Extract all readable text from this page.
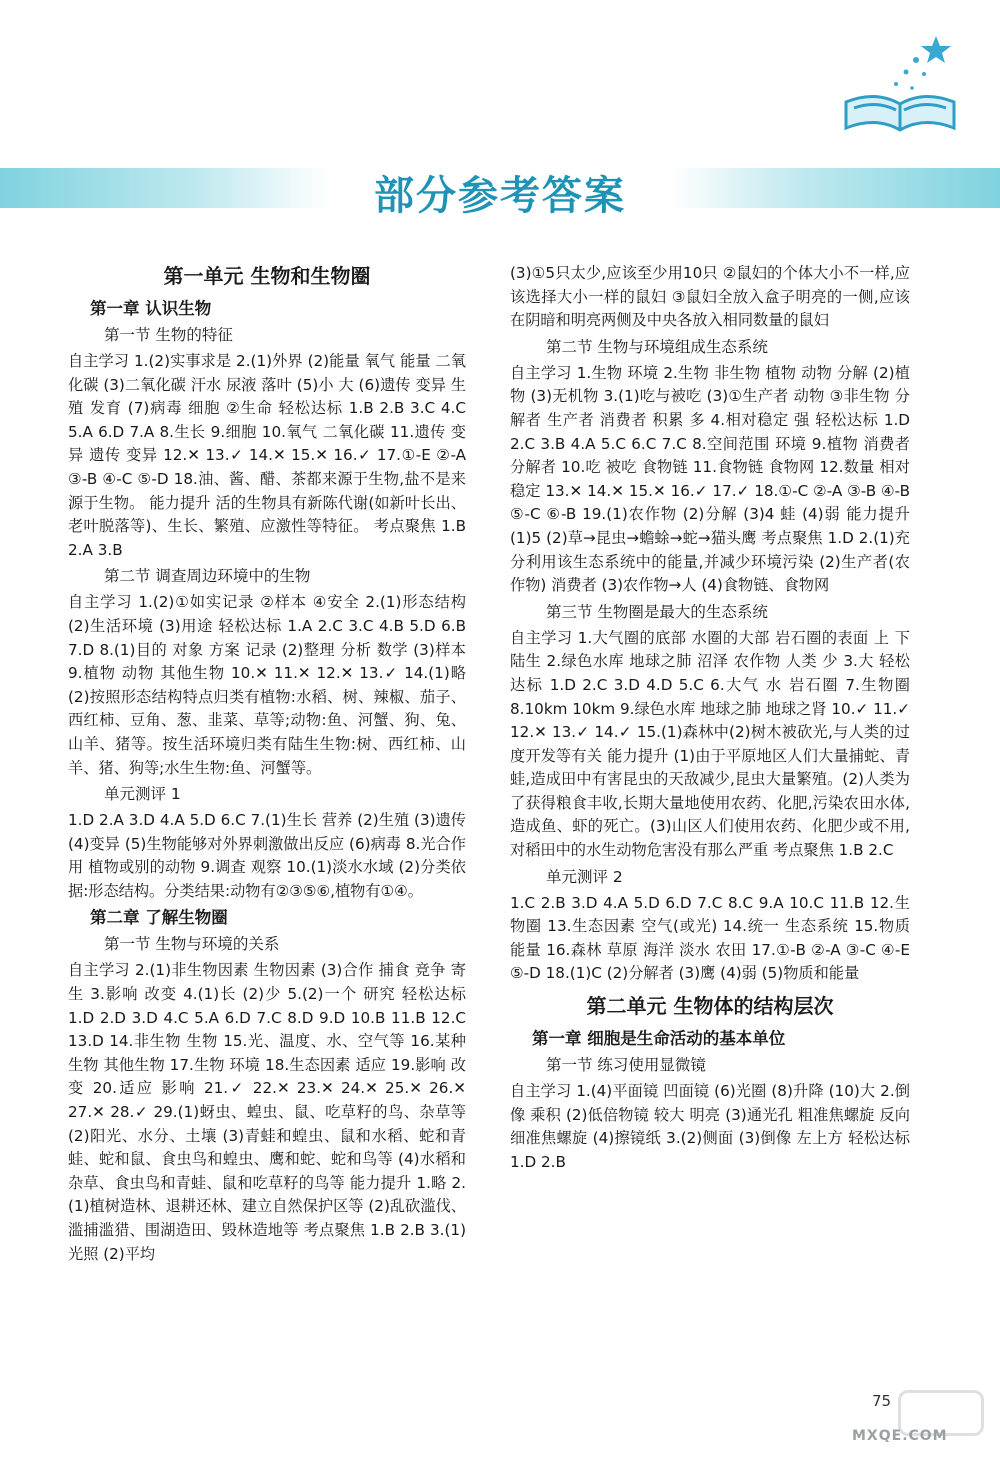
部分参考答案
第一单元 生物和生物圈
第一章 认识生物
第一节 生物的特征

自主学习 1.(2)实事求是 2.(1)外界 (2)能量 氧气 能量 二氧化碳 (3)二氧化碳 汗水 尿液 落叶 (5)小 大 (6)遗传 变异 生殖 发育 (7)病毒 细胞 ②生命 轻松达标 1.B 2.B 3.C 4.C 5.A 6.D 7.A 8.生长 9.细胞 10.氧气 二氧化碳 11.遗传 变异 遗传 变异 12.✕ 13.✓ 14.✕ 15.✕ 16.✓ 17.①-E ②-A ③-B ④-C ⑤-D 18.油、酱、醋、茶都来源于生物,盐不是来源于生物。 能力提升 活的生物具有新陈代谢(如新叶长出、老叶脱落等)、生长、繁殖、应激性等特征。 考点聚焦 1.B 2.A 3.B

第二节 调查周边环境中的生物

自主学习 1.(2)①如实记录 ②样本 ④安全 2.(1)形态结构 (2)生活环境 (3)用途 轻松达标 1.A 2.C 3.C 4.B 5.D 6.B 7.D 8.(1)目的 对象 方案 记录 (2)整理 分析 数学 (3)样本 9.植物 动物 其他生物 10.✕ 11.✕ 12.✕ 13.✓ 14.(1)略 (2)按照形态结构特点归类有植物:水稻、树、辣椒、茄子、西红柿、豆角、葱、韭菜、草等;动物:鱼、河蟹、狗、兔、山羊、猪等。按生活环境归类有陆生生物:树、西红柿、山羊、猪、狗等;水生生物:鱼、河蟹等。

单元测评 1

1.D 2.A 3.D 4.A 5.D 6.C 7.(1)生长 营养 (2)生殖 (3)遗传 (4)变异 (5)生物能够对外界刺激做出反应 (6)病毒 8.光合作用 植物或别的动物 9.调查 观察 10.(1)淡水水域 (2)分类依据:形态结构。分类结果:动物有②③⑤⑥,植物有①④。

第二章 了解生物圈
第一节 生物与环境的关系

自主学习 2.(1)非生物因素 生物因素 (3)合作 捕食 竞争 寄生 3.影响 改变 4.(1)长 (2)少 5.(2)一个 研究 轻松达标 1.D 2.D 3.D 4.C 5.A 6.D 7.C 8.D 9.D 10.B 11.B 12.C 13.D 14.非生物 生物 15.光、温度、水、空气等 16.某种生物 其他生物 17.生物 环境 18.生态因素 适应 19.影响 改变 20.适应 影响 21.✓ 22.✕ 23.✕ 24.✕ 25.✕ 26.✕ 27.✕ 28.✓ 29.(1)蚜虫、蝗虫、鼠、吃草籽的鸟、杂草等 (2)阳光、水分、土壤 (3)青蛙和蝗虫、鼠和水稻、蛇和青蛙、蛇和鼠、食虫鸟和蝗虫、鹰和蛇、蛇和鸟等 (4)水稻和杂草、食虫鸟和青蛙、鼠和吃草籽的鸟等 能力提升 1.略 2.(1)植树造林、退耕还林、建立自然保护区等 (2)乱砍滥伐、滥捕滥猎、围湖造田、毁林造地等 考点聚焦 1.B 2.B 3.(1)光照 (2)平均

(3)①5只太少,应该至少用10只 ②鼠妇的个体大小不一样,应该选择大小一样的鼠妇 ③鼠妇全放入盒子明亮的一侧,应该在阴暗和明亮两侧及中央各放入相同数量的鼠妇

第二节 生物与环境组成生态系统

自主学习 1.生物 环境 2.生物 非生物 植物 动物 分解 (2)植物 (3)无机物 3.(1)吃与被吃 (3)①生产者 动物 ③非生物 分解者 生产者 消费者 积累 多 4.相对稳定 强 轻松达标 1.D 2.C 3.B 4.A 5.C 6.C 7.C 8.空间范围 环境 9.植物 消费者 分解者 10.吃 被吃 食物链 11.食物链 食物网 12.数量 相对稳定 13.✕ 14.✕ 15.✕ 16.✓ 17.✓ 18.①-C ②-A ③-B ④-B ⑤-C ⑥-B 19.(1)农作物 (2)分解 (3)4 蛙 (4)弱 能力提升 (1)5 (2)草→昆虫→蟾蜍→蛇→猫头鹰 考点聚焦 1.D 2.(1)充分利用该生态系统中的能量,并减少环境污染 (2)生产者(农作物) 消费者 (3)农作物→人 (4)食物链、食物网

第三节 生物圈是最大的生态系统

自主学习 1.大气圈的底部 水圈的大部 岩石圈的表面 上 下 陆生 2.绿色水库 地球之肺 沼泽 农作物 人类 少 3.大 轻松达标 1.D 2.C 3.D 4.D 5.C 6.大气 水 岩石圈 7.生物圈 8.10km 10km 9.绿色水库 地球之肺 地球之肾 10.✓ 11.✓ 12.✕ 13.✓ 14.✓ 15.(1)森林中(2)树木被砍光,与人类的过度开发等有关 能力提升 (1)由于平原地区人们大量捕蛇、青蛙,造成田中有害昆虫的天敌减少,昆虫大量繁殖。(2)人类为了获得粮食丰收,长期大量地使用农药、化肥,污染农田水体,造成鱼、虾的死亡。(3)山区人们使用农药、化肥少或不用,对稻田中的水生动物危害没有那么严重 考点聚焦 1.B 2.C

单元测评 2

1.C 2.B 3.D 4.A 5.D 6.D 7.C 8.C 9.A 10.C 11.B 12.生物圈 13.生态因素 空气(或光) 14.统一 生态系统 15.物质 能量 16.森林 草原 海洋 淡水 农田 17.①-B ②-A ③-C ④-E ⑤-D 18.(1)C (2)分解者 (3)鹰 (4)弱 (5)物质和能量

第二单元 生物体的结构层次
第一章 细胞是生命活动的基本单位
第一节 练习使用显微镜

自主学习 1.(4)平面镜 凹面镜 (6)光圈 (8)升降 (10)大 2.倒像 乘积 (2)低倍物镜 较大 明亮 (3)通光孔 粗准焦螺旋 反向 细准焦螺旋 (4)擦镜纸 3.(2)侧面 (3)倒像 左上方 轻松达标 1.D 2.B

75
MXQE.COM
